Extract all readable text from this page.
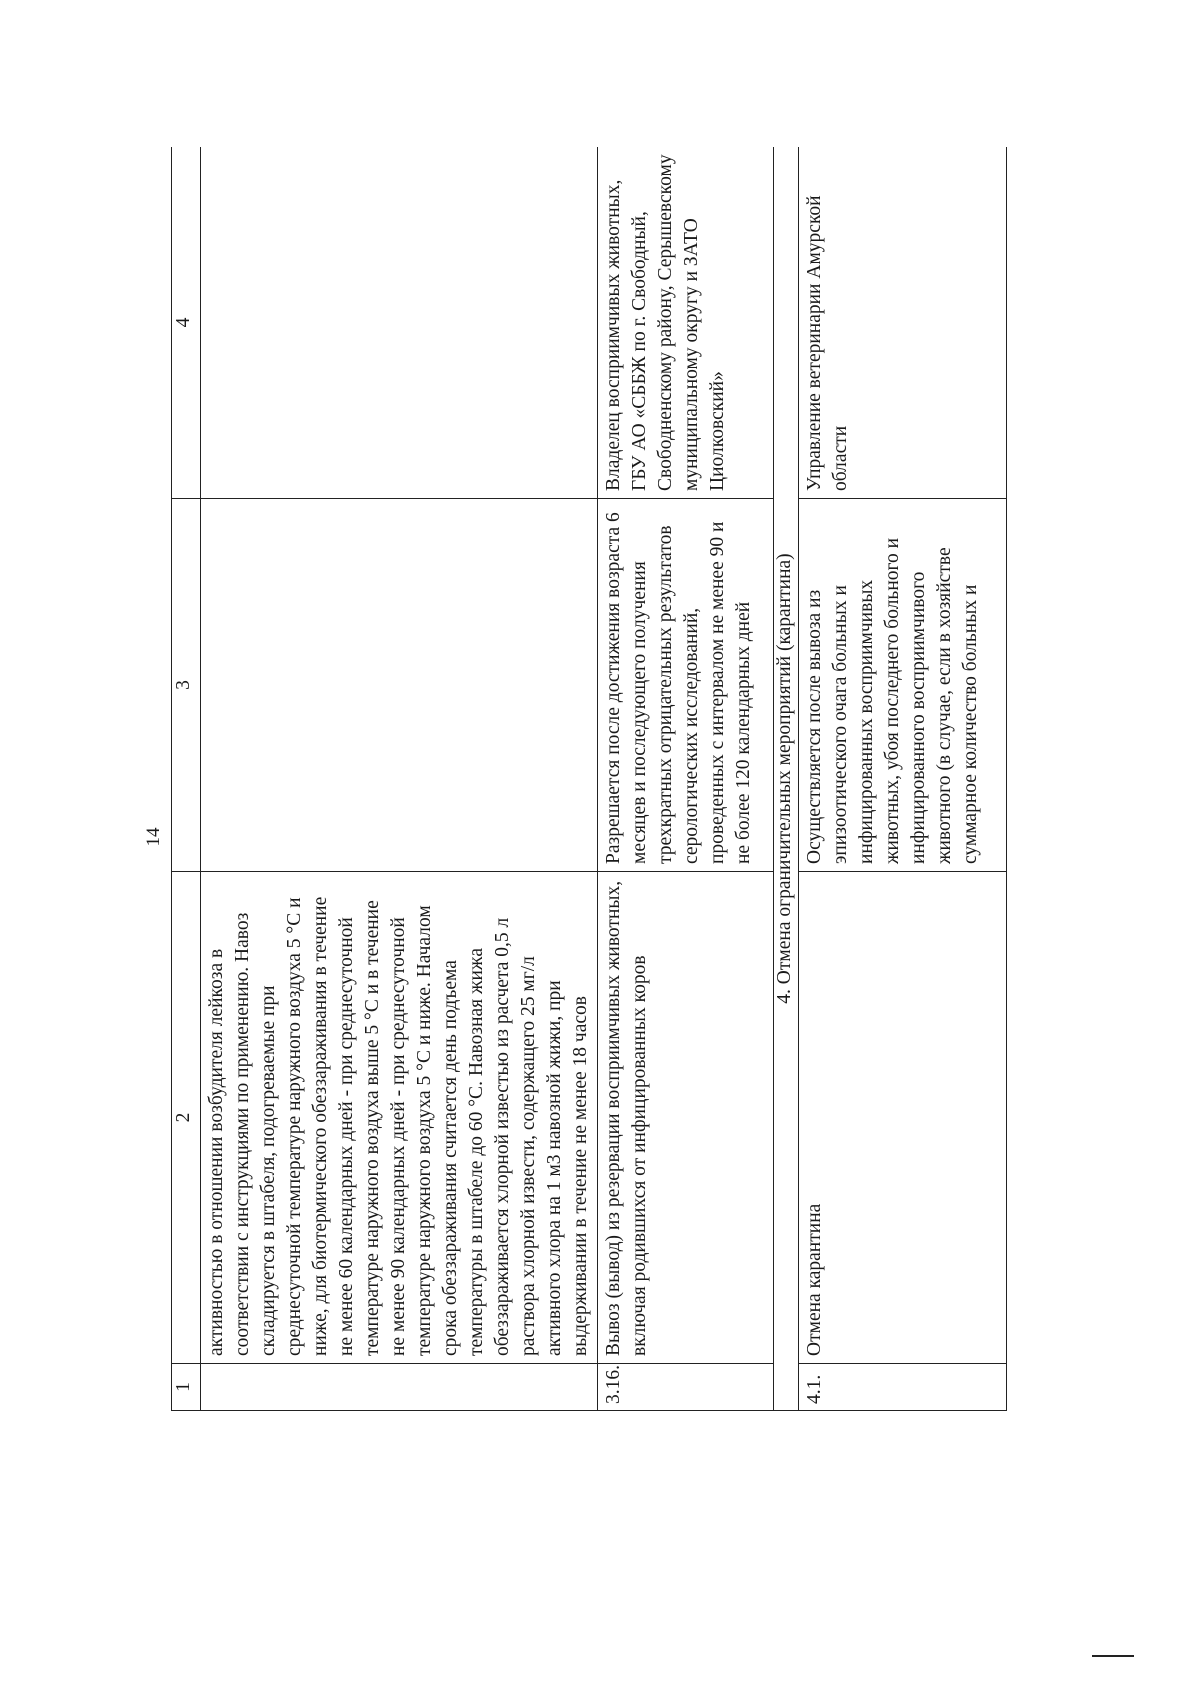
14
1	2	3	4
	активностью в отношении возбудителя лейкоза в соответствии с инструкциями по применению. Навоз складируется в штабеля, подогреваемые при среднесуточной температуре наружного воздуха 5 °С и ниже, для биотермического обеззараживания в течение не менее 60 календарных дней - при среднесуточной температуре наружного воздуха выше 5 °С и в течение не менее 90 календарных дней - при среднесуточной температуре наружного воздуха 5 °С и ниже. Началом срока обеззараживания считается день подъема температуры в штабеле до 60 °С. Навозная жижа обеззараживается хлорной известью из расчета 0,5 л раствора хлорной извести, содержащего 25 мг/л активного хлора на 1 м3 навозной жижи, при выдерживании в течение не менее 18 часов		
3.16.	Вывоз (вывод) из резервации восприимчивых животных, включая родившихся от инфицированных коров	Разрешается после достижения возраста 6 месяцев и последующего получения трехкратных отрицательных результатов серологических исследований, проведенных с интервалом не менее 90 и не более 120 календарных дней	Владелец восприимчивых животных, ГБУ АО «СББЖ по г. Свободный, Свободненскому району, Серышевскому муниципальному округу и ЗАТО Циолковский»
4. Отмена ограничительных мероприятий (карантина)			
4.1.	Отмена карантина	Осуществляется после вывоза из эпизоотического очага больных и инфицированных восприимчивых животных, убоя последнего больного и инфицированного восприимчивого животного (в случае, если в хозяйстве суммарное количество больных и	Управление ветеринарии Амурской области
